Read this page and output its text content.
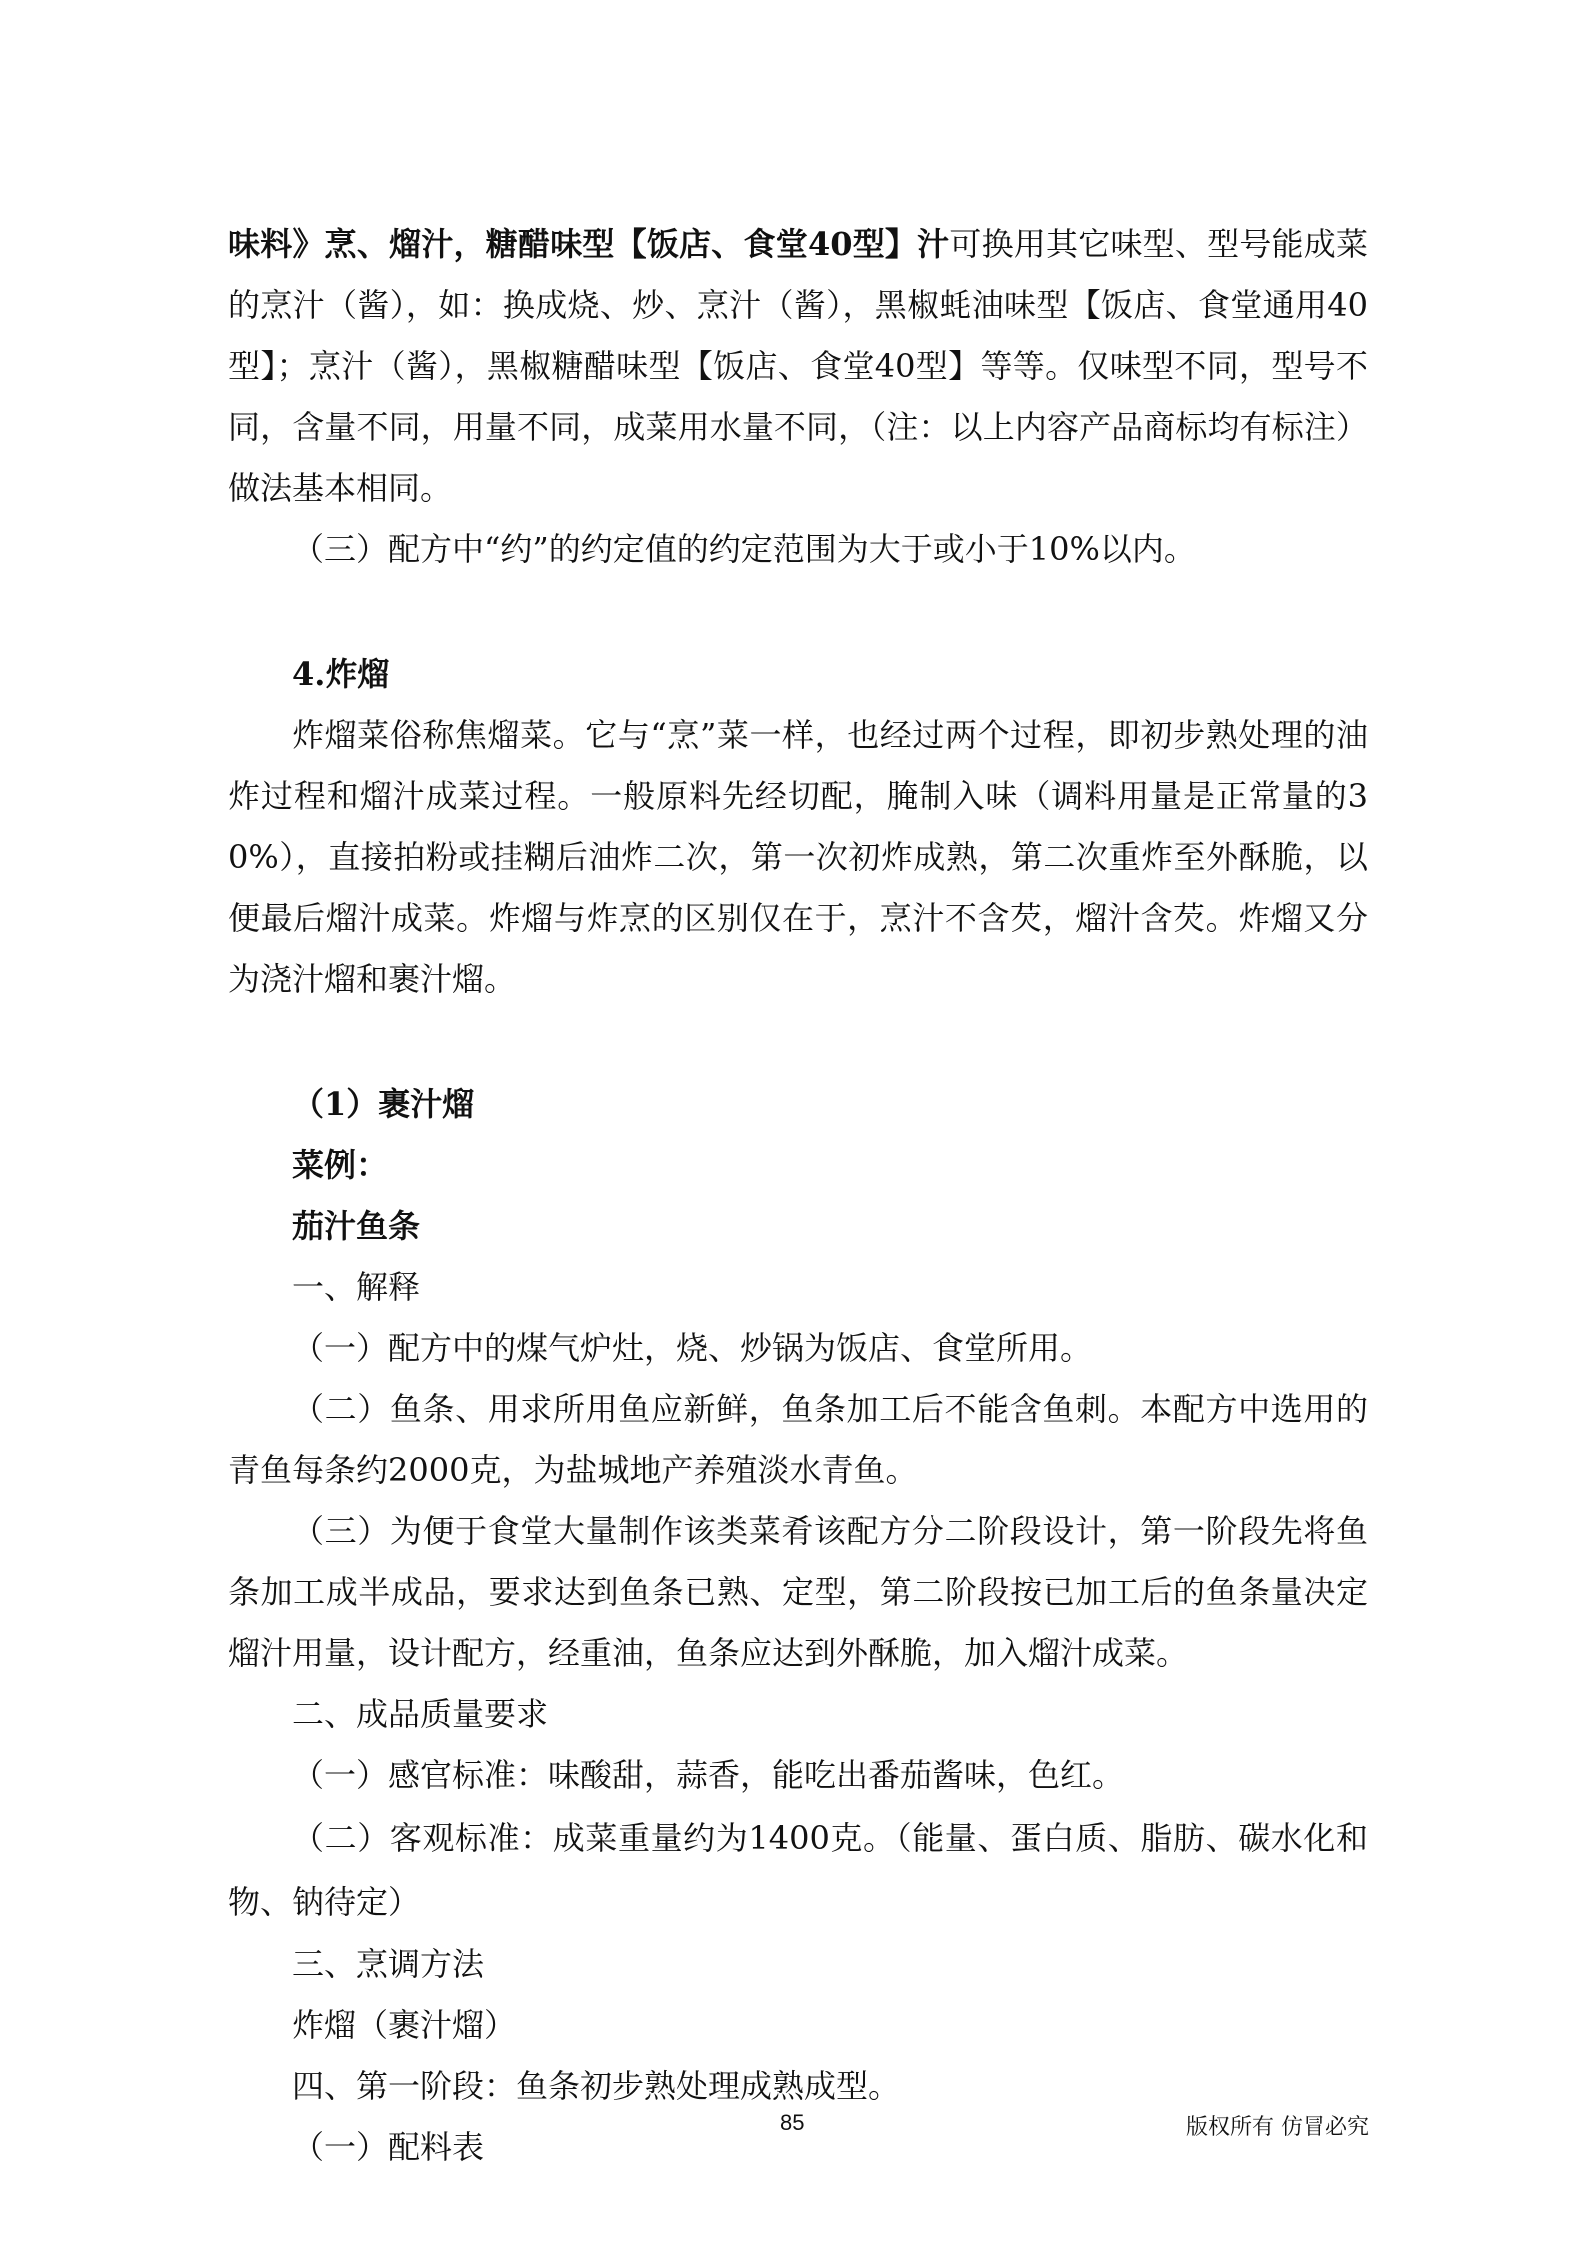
味料》烹、熘汁，糖醋味型【饭店、食堂40型】汁可换用其它味型、型号能成菜的烹汁（酱），如：换成烧、炒、烹汁（酱），黑椒蚝油味型【饭店、食堂通用40型】；烹汁（酱），黑椒糖醋味型【饭店、食堂40型】等等。仅味型不同，型号不同，含量不同，用量不同，成菜用水量不同，（注：以上内容产品商标均有标注）做法基本相同。

（三）配方中“约”的约定值的约定范围为大于或小于10%以内。

4.炸熘

炸熘菜俗称焦熘菜。它与“烹”菜一样，也经过两个过程，即初步熟处理的油炸过程和熘汁成菜过程。一般原料先经切配，腌制入味（调料用量是正常量的30%），直接拍粉或挂糊后油炸二次，第一次初炸成熟，第二次重炸至外酥脆，以便最后熘汁成菜。炸熘与炸烹的区别仅在于，烹汁不含芡，熘汁含芡。炸熘又分为浇汁熘和裹汁熘。

（1）裹汁熘

菜例：

茄汁鱼条

一、解释

（一）配方中的煤气炉灶，烧、炒锅为饭店、食堂所用。

（二）鱼条、用求所用鱼应新鲜，鱼条加工后不能含鱼刺。本配方中选用的青鱼每条约2000克，为盐城地产养殖淡水青鱼。

（三）为便于食堂大量制作该类菜肴该配方分二阶段设计，第一阶段先将鱼条加工成半成品，要求达到鱼条已熟、定型，第二阶段按已加工后的鱼条量决定熘汁用量，设计配方，经重油，鱼条应达到外酥脆，加入熘汁成菜。

二、成品质量要求

（一）感官标准：味酸甜，蒜香，能吃出番茄酱味，色红。

（二）客观标准：成菜重量约为1400克。（能量、蛋白质、脂肪、碳水化和物、钠待定）

三、烹调方法

炸熘（裹汁熘）

四、第一阶段：鱼条初步熟处理成熟成型。

（一）配料表

85	版权所有 仿冒必究
